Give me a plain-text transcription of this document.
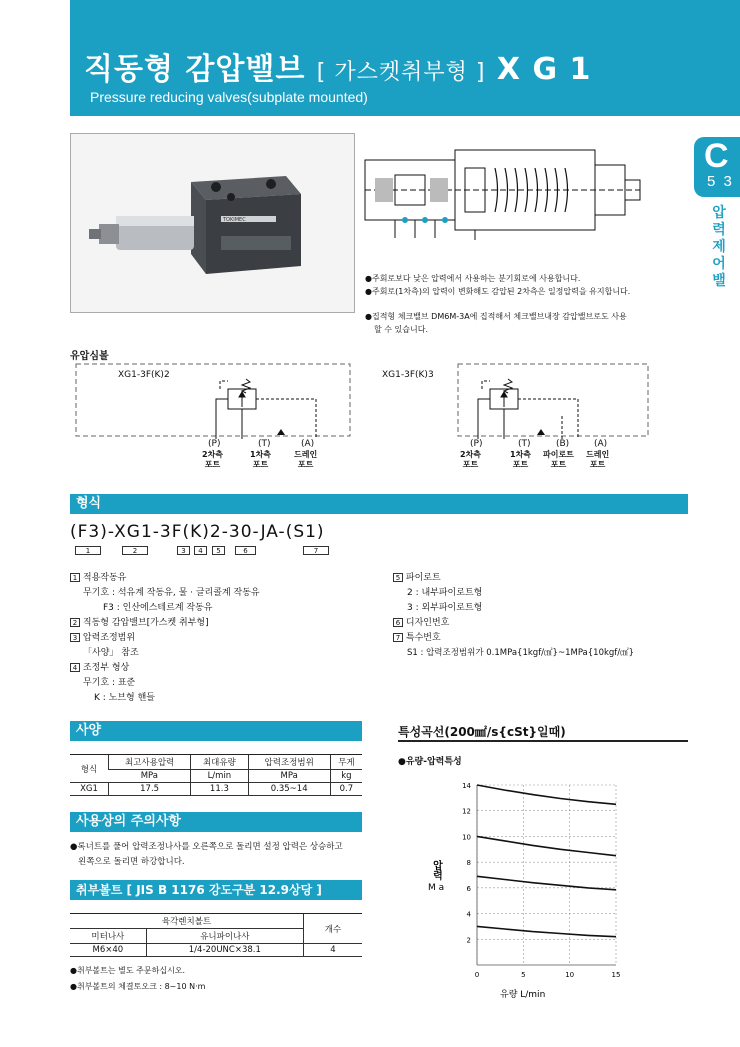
직동형 감압밸브 [ 가스켓취부형 ] X G 1
Pressure reducing valves(subplate mounted)
C
5 3
압
력
제
어
밸
TOKIMEC
●주회로보다 낮은 압력에서 사용하는 분기회로에 사용합니다.
●주회로(1차측)의 압력이 변화해도 감압된 2차측은 일정압력을 유지합니다.
●집적형 체크밸브 DM6M-3A에 집적해서 체크밸브내장 감압밸브로도 사용
할 수 있습니다.
유압심볼
XG1-3F(K)2
(P)	(T)	(A)
2차측
포트
1차측
포트
드레인
포트
XG1-3F(K)3
(P)	(T)	(B)	(A)
2차측
포트
1차측
포트
파이로트
포트
드레인
포트
형식
(F3)-XG1-3F(K)2-30-JA-(S1)
1	2	3	4	5	6	7
1 적용작동유
무기호 : 석유계 작동유, 물 · 글리콜계 작동유
F3 : 인산에스테르계 작동유
2 직동형 감압밸브[가스켓 취부형]
3 압력조정범위
「사양」 참조
4 조정부 형상
무기호 : 표준
K : 노브형 핸들
5 파이로트
2 : 내부파이로트형
3 : 외부파이로트형
6 디자인번호
7 특수번호
S1 : 압력조정범위가 0.1MPa{1kgf/㎠}~1MPa{10kgf/㎠}
사양
형식	최고사용압력	최대유량	압력조정범위	무게
	MPa	L/min	MPa	kg
XG1	17.5	11.3	0.35~14	0.7
사용상의 주의사항
●록너트를 풀어 압력조정나사를 오른쪽으로 돌리면 설정 압력은 상승하고
왼쪽으로 돌리면 하강합니다.
취부볼트 [ JIS B 1176 강도구분 12.9상당 ]
육각렌치볼트		개수
미터나사	유니파이나사	
M6×40	1/4-20UNC×38.1	4
●취부볼트는 별도 주문하십시오.
●취부볼트의 체결토오크 : 8~10 N·m
특성곡선(200㎟/s{cSt}일때)
●유량-압력특성
2
4
6
8
10
12
14
0	5	10	15
압력
M a
유량 L/min
